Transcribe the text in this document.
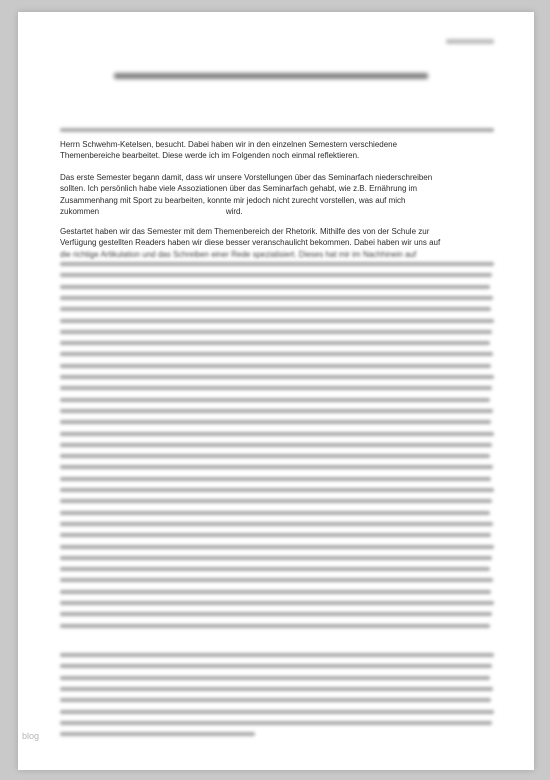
Herrn Schwehm-Ketelsen, besucht. Dabei haben wir in den einzelnen Semestern verschiedene
Themenbereiche bearbeitet. Diese werde ich im Folgenden noch einmal reflektieren.
Das erste Semester begann damit, dass wir unsere Vorstellungen über das Seminarfach niederschreiben
sollten. Ich persönlich habe viele Assoziationen über das Seminarfach gehabt, wie z.B. Ernährung im
Zusammenhang mit Sport zu bearbeiten, konnte mir jedoch nicht zurecht vorstellen, was auf mich
zukommen                                                         wird.
Gestartet haben wir das Semester mit dem Themenbereich der Rhetorik. Mithilfe des von der Schule zur
Verfügung gestellten Readers haben wir diese besser veranschaulicht bekommen. Dabei haben wir uns auf
die richtige Artikulation und das Schreiben einer Rede spezialisiert. Dieses hat mir im Nachhinein auf
blog
